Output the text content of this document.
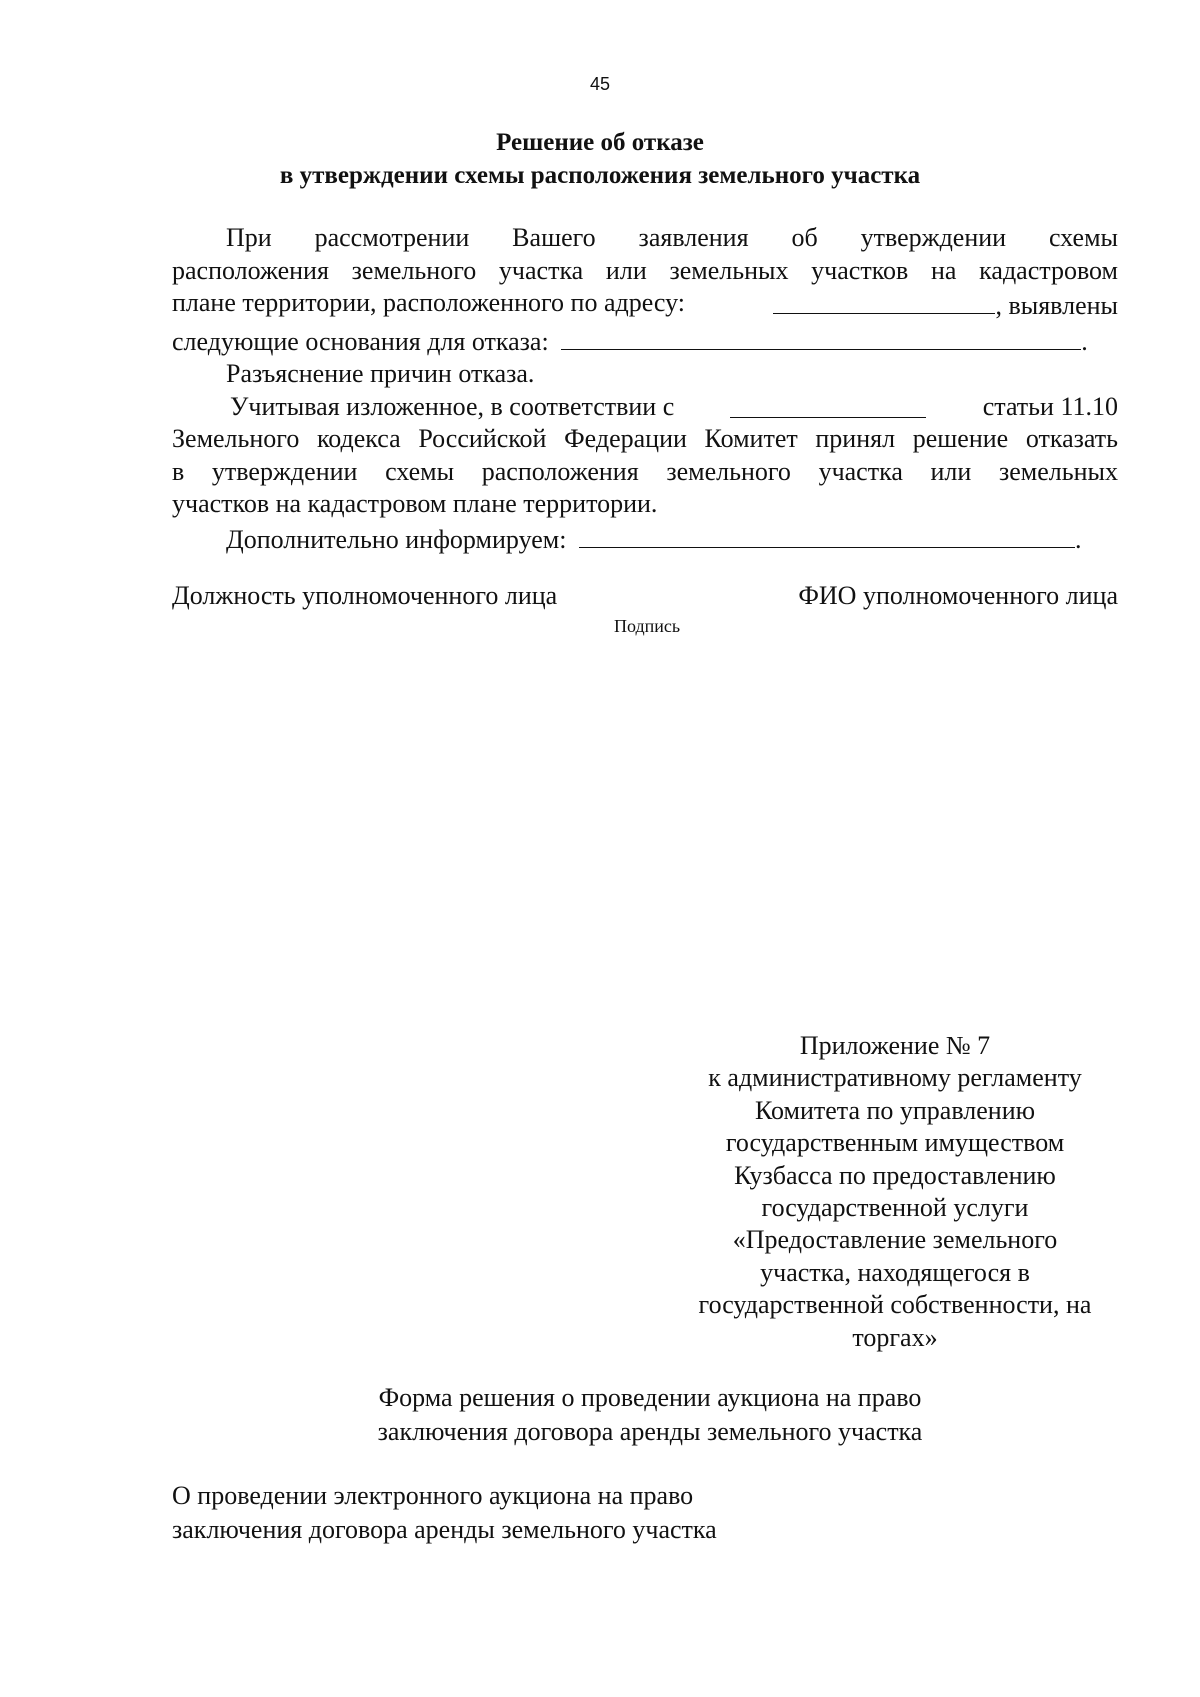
45
Решение об отказе
в утверждении схемы расположения земельного участка
При рассмотрении Вашего заявления об утверждении схемы
расположения земельного участка или земельных участков на кадастровом
плане территории, расположенного по адресу:	, выявлены
следующие основания для отказа:	.
Разъяснение причин отказа.
Учитывая изложенное, в соответствии с	статьи 11.10
Земельного кодекса Российской Федерации Комитет принял решение отказать
в утверждении схемы расположения земельного участка или земельных
участков на кадастровом плане территории.
Дополнительно информируем:	.
Должность уполномоченного лица	ФИО уполномоченного лица
Подпись
Приложение № 7
к административному регламенту
Комитета по управлению
государственным имуществом
Кузбасса по предоставлению
государственной услуги
«Предоставление земельного
участка, находящегося в
государственной собственности, на
торгах»
Форма решения о проведении аукциона на право
заключения договора аренды земельного участка
О проведении электронного аукциона на право
заключения договора аренды земельного участка
